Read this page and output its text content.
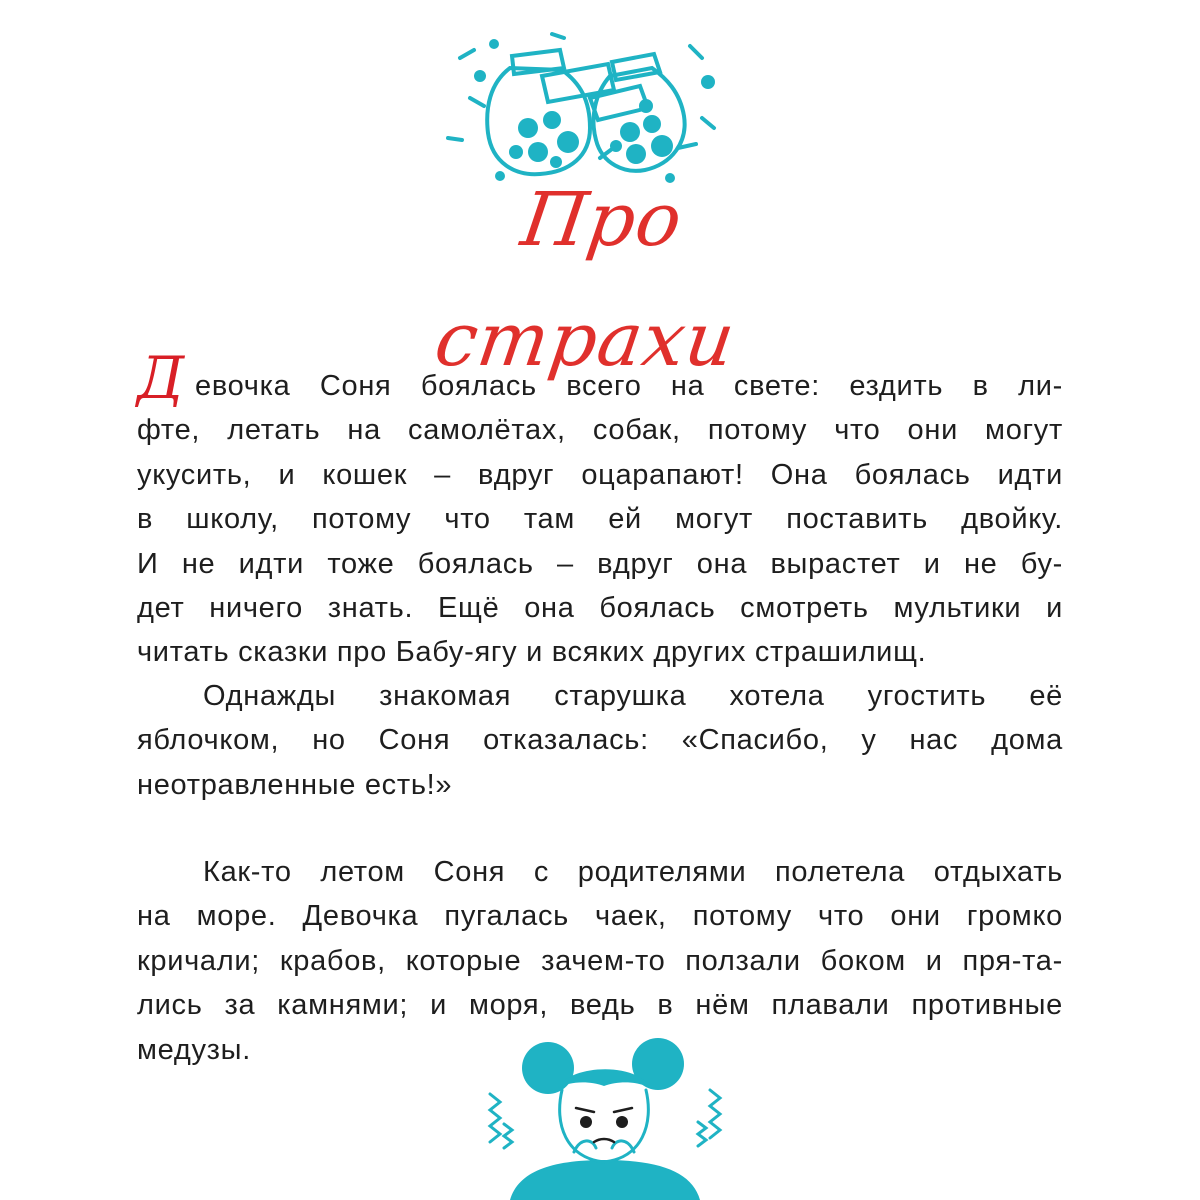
Про страхи
Д евочка Соня боялась всего на свете: ездить в ли-
фте, летать на самолётах, собак, потому что они могут
укусить, и кошек – вдруг оцарапают! Она боялась идти
в школу, потому что там ей могут поставить двойку.
И не идти тоже боялась – вдруг она вырастет и не бу-
дет ничего знать. Ещё она боялась смотреть мультики и
читать сказки про Бабу-ягу и всяких других страшилищ.
Однажды знакомая старушка хотела угостить её
яблочком, но Соня отказалась: «Спасибо, у нас дома
неотравленные есть!»
Как-то летом Соня с родителями полетела отдыхать
на море. Девочка пугалась чаек, потому что они громко
кричали; крабов, которые зачем-то ползали боком и пря-та-
лись за камнями; и моря, ведь в нём плавали противные
медузы.
